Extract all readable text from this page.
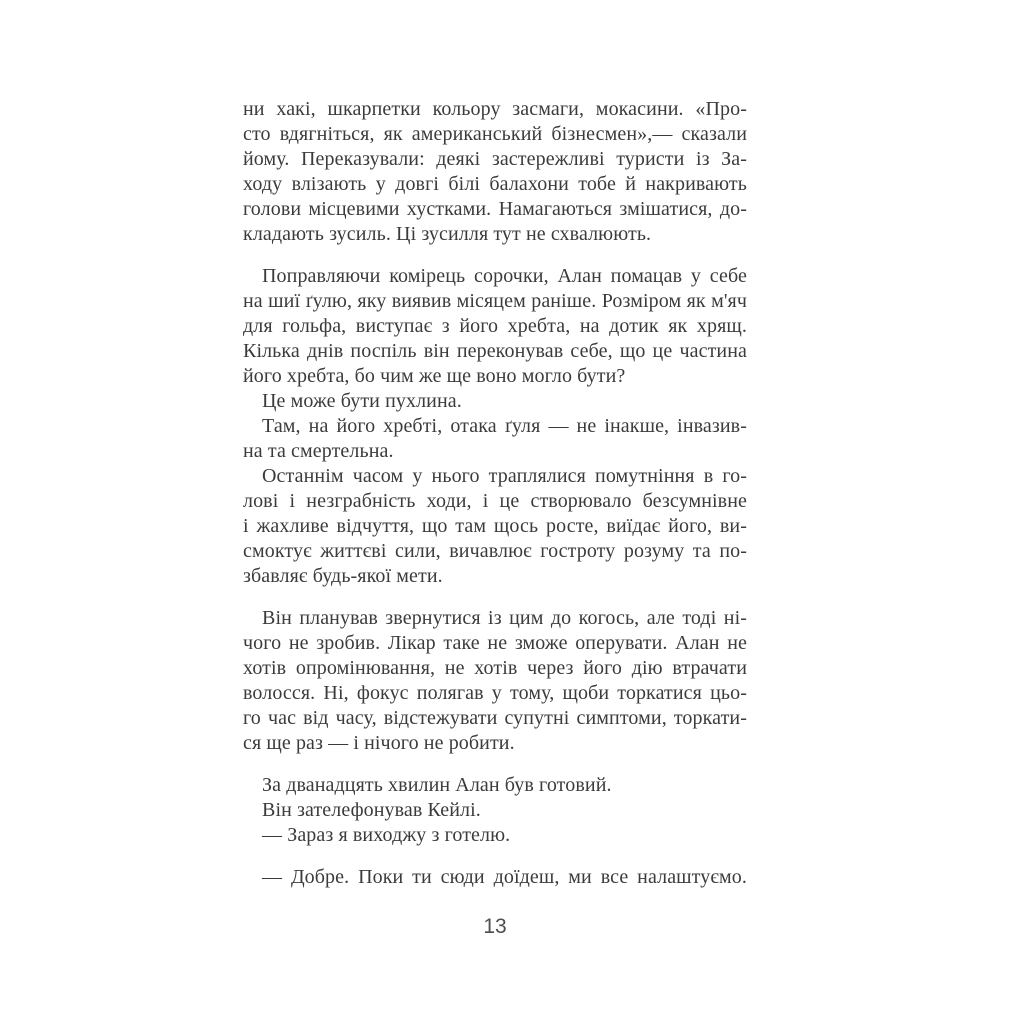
ни хакі, шкарпетки кольору засмаги, мокасини. «Про-
сто вдягніться, як американський бізнесмен»,— сказали
йому. Переказували: деякі застережливі туристи із За-
ходу влізають у довгі білі балахони тобе й накривають
голови місцевими хустками. Намагаються змішатися, до-
кладають зусиль. Ці зусилля тут не схвалюють.
Поправляючи комірець сорочки, Алан помацав у себе
на шиї ґулю, яку виявив місяцем раніше. Розміром як м'яч
для гольфа, виступає з його хребта, на дотик як хрящ.
Кілька днів поспіль він переконував себе, що це частина
його хребта, бо чим же ще воно могло бути?
Це може бути пухлина.
Там, на його хребті, отака ґуля — не інакше, інвазив-
на та смертельна.
Останнім часом у нього траплялися помутніння в го-
лові і незграбність ходи, і це створювало безсумнівне
і жахливе відчуття, що там щось росте, виїдає його, ви-
смоктує життєві сили, вичавлює гостроту розуму та по-
збавляє будь-якої мети.
Він планував звернутися із цим до когось, але тоді ні-
чого не зробив. Лікар таке не зможе оперувати. Алан не
хотів опромінювання, не хотів через його дію втрачати
волосся. Ні, фокус полягав у тому, щоби торкатися цьо-
го час від часу, відстежувати супутні симптоми, торкати-
ся ще раз — і нічого не робити.
За дванадцять хвилин Алан був готовий.
Він зателефонував Кейлі.
— Зараз я виходжу з готелю.
— Добре. Поки ти сюди доїдеш, ми все налаштуємо.
13
